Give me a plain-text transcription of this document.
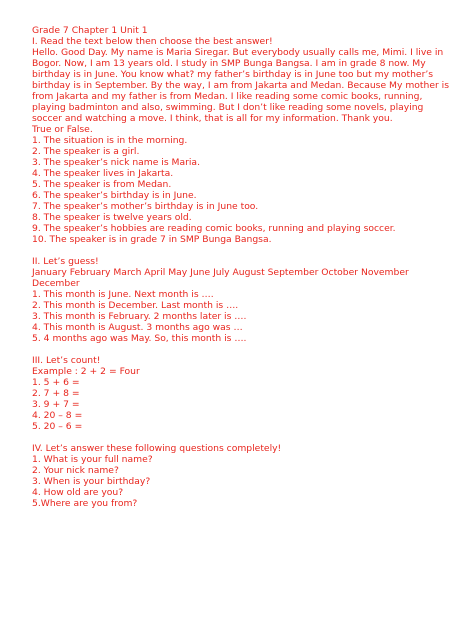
Grade 7 Chapter 1 Unit 1

I. Read the text below then choose the best answer!

Hello. Good Day. My name is Maria Siregar. But everybody usually calls me, Mimi. I live in Bogor. Now, I am 13 years old. I study in SMP Bunga Bangsa. I am in grade 8 now. My birthday is in June. You know what? my father’s birthday is in June too but my mother’s birthday is in September. By the way, I am from Jakarta and Medan. Because My mother is from Jakarta and my father is from Medan. I like reading some comic books, running, playing badminton and also, swimming. But I don’t like reading some novels, playing soccer and watching a move. I think, that is all for my information. Thank you.

True or False.

1. The situation is in the morning.
2. The speaker is a girl.
3. The speaker’s nick name is Maria.
4. The speaker lives in Jakarta.
5. The speaker is from Medan.
6. The speaker’s birthday is in June.
7. The speaker’s mother’s birthday is in June too.
8. The speaker is twelve years old.
9. The speaker’s hobbies are reading comic books, running and playing soccer.
10. The speaker is in grade 7 in SMP Bunga Bangsa.

II. Let’s guess!

January February March April May June July August September October November December

1. This month is June. Next month is ….
2. This month is December. Last month is ….
3. This month is February. 2 months later is ….
4. This month is August. 3 months ago was …
5. 4 months ago was May. So, this month is ….

III. Let’s count!

Example : 2 + 2 = Four

1. 5 + 6 =
2. 7 + 8 =
3. 9 + 7 =
4. 20 – 8 =
5. 20 – 6 =

IV. Let’s answer these following questions completely!

1. What is your full name?
2. Your nick name?
3. When is your birthday?
4. How old are you?
5.Where are you from?
